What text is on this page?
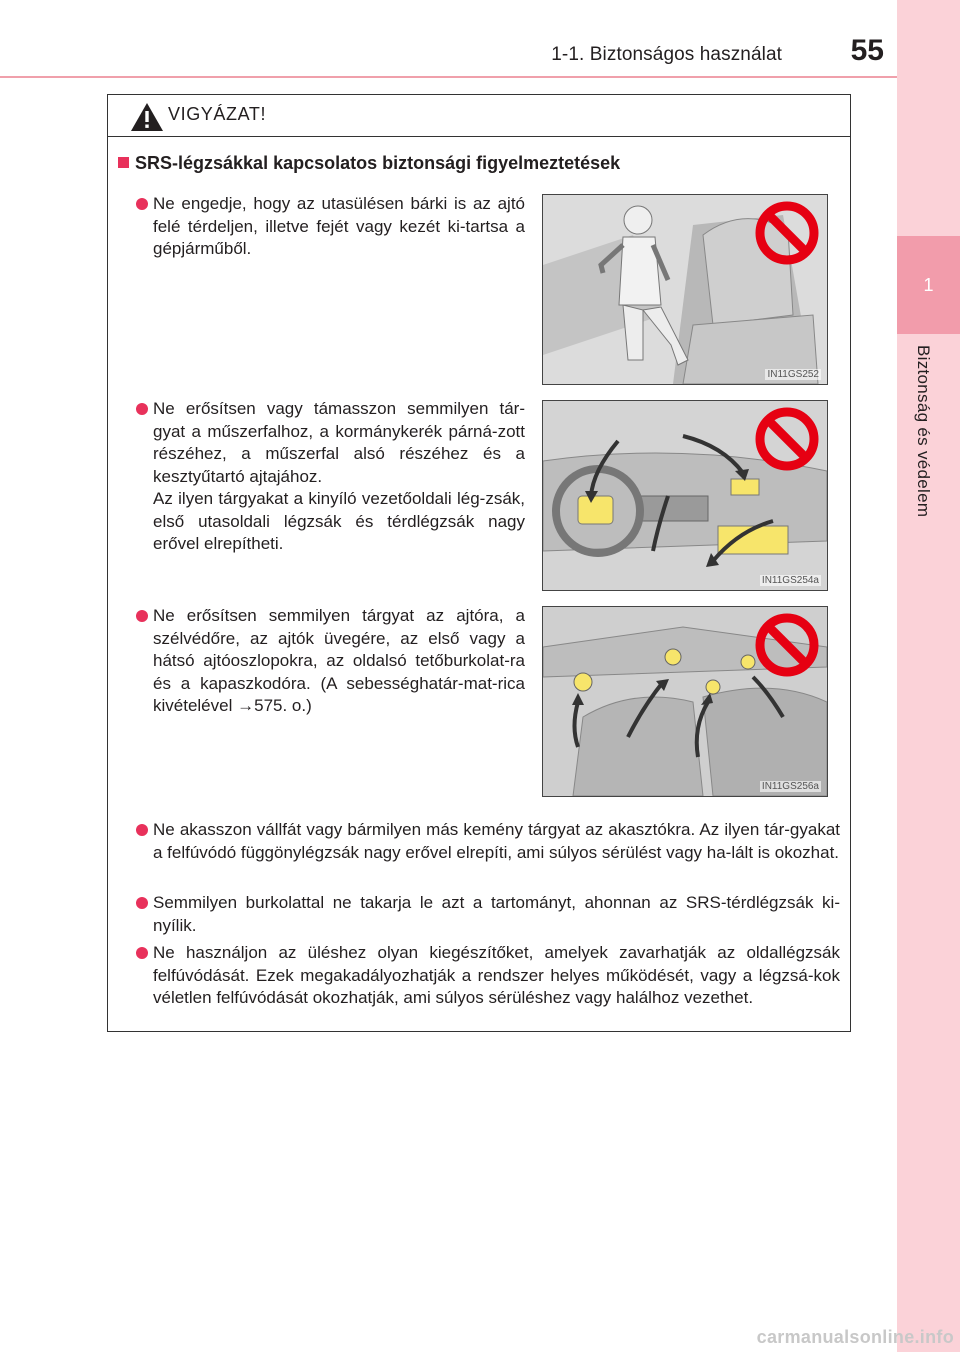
1-1. Biztonságos használat 55
1
Biztonság és védelem
VIGYÁZAT!
SRS-légzsákkal kapcsolatos biztonsági figyelmeztetések
Ne engedje, hogy az utasülésen bárki is az ajtó felé térdeljen, illetve fejét vagy kezét ki-tartsa a gépjárműből.
IN11GS252
Ne erősítsen vagy támasszon semmilyen tár-gyat a műszerfalhoz, a kormánykerék párná-zott részéhez, a műszerfal alsó részéhez és a kesztyűtartó ajtajához.
Az ilyen tárgyakat a kinyíló vezetőoldali lég-zsák, első utasoldali légzsák és térdlégzsák nagy erővel elrepítheti.
IN11GS254a
Ne erősítsen semmilyen tárgyat az ajtóra, a szélvédőre, az ajtók üvegére, az első vagy a hátsó ajtóoszlopokra, az oldalsó tetőburkolat-ra és a kapaszkodóra. (A sebességhatár-mat-rica kivételével →575. o.)
IN11GS256a
Ne akasszon vállfát vagy bármilyen más kemény tárgyat az akasztókra. Az ilyen tár-gyakat a felfúvódó függönylégzsák nagy erővel elrepíti, ami súlyos sérülést vagy ha-lált is okozhat.
Semmilyen burkolattal ne takarja le azt a tartományt, ahonnan az SRS-térdlégzsák ki-nyílik.
Ne használjon az üléshez olyan kiegészítőket, amelyek zavarhatják az oldallégzsák felfúvódását. Ezek megakadályozhatják a rendszer helyes működését, vagy a légzsá-kok véletlen felfúvódását okozhatják, ami súlyos sérüléshez vagy halálhoz vezethet.
carmanualsonline.info
